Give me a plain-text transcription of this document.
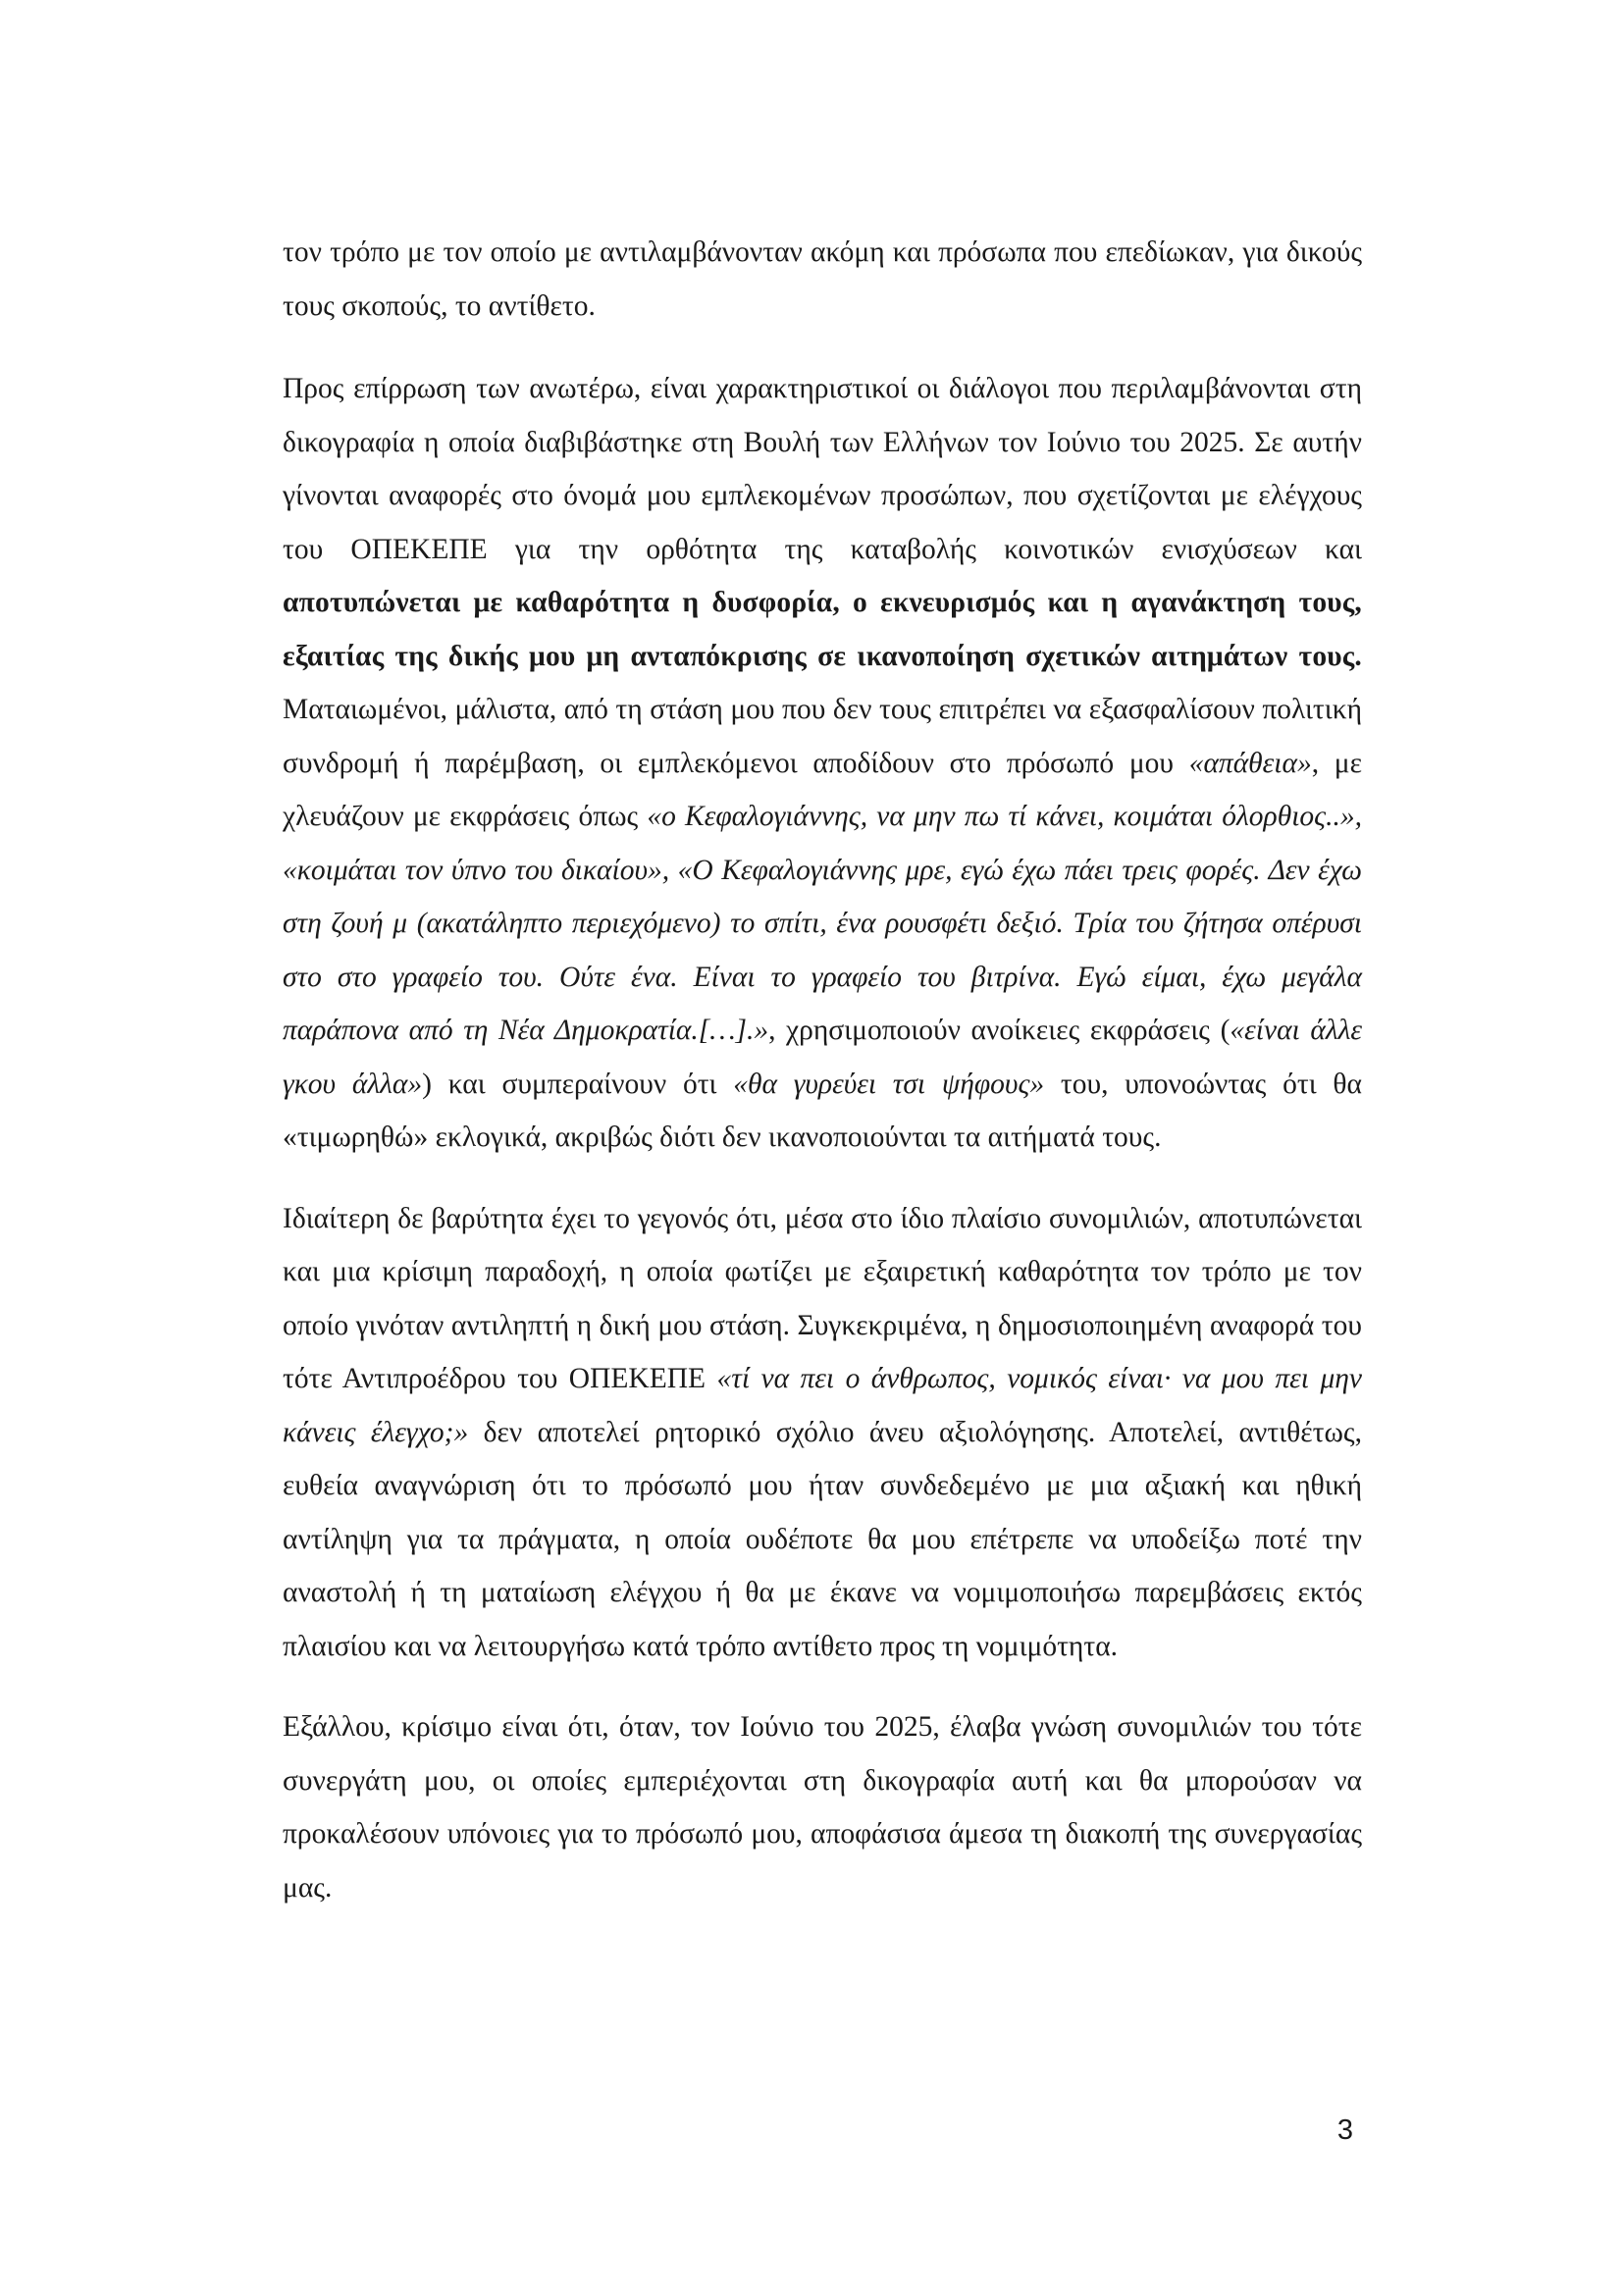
τον τρόπο με τον οποίο με αντιλαμβάνονταν ακόμη και πρόσωπα που επεδίωκαν, για δικούς τους σκοπούς, το αντίθετο.

Προς επίρρωση των ανωτέρω, είναι χαρακτηριστικοί οι διάλογοι που περιλαμβάνονται στη δικογραφία η οποία διαβιβάστηκε στη Βουλή των Ελλήνων τον Ιούνιο του 2025. Σε αυτήν γίνονται αναφορές στο όνομά μου εμπλεκομένων προσώπων, που σχετίζονται με ελέγχους του ΟΠΕΚΕΠΕ για την ορθότητα της καταβολής κοινοτικών ενισχύσεων και αποτυπώνεται με καθαρότητα η δυσφορία, ο εκνευρισμός και η αγανάκτηση τους, εξαιτίας της δικής μου μη ανταπόκρισης σε ικανοποίηση σχετικών αιτημάτων τους. Ματαιωμένοι, μάλιστα, από τη στάση μου που δεν τους επιτρέπει να εξασφαλίσουν πολιτική συνδρομή ή παρέμβαση, οι εμπλεκόμενοι αποδίδουν στο πρόσωπό μου «απάθεια», με χλευάζουν με εκφράσεις όπως «ο Κεφαλογιάννης, να μην πω τί κάνει, κοιμάται όλορθιος..», «κοιμάται τον ύπνο του δικαίου», «Ο Κεφαλογιάννης μρε, εγώ έχω πάει τρεις φορές. Δεν έχω στη ζουή μ (ακατάληπτο περιεχόμενο) το σπίτι, ένα ρουσφέτι δεξιό. Τρία του ζήτησα οπέρυσι στο στο γραφείο του. Ούτε ένα. Είναι το γραφείο του βιτρίνα. Εγώ είμαι, έχω μεγάλα παράπονα από τη Νέα Δημοκρατία.[…].», χρησιμοποιούν ανοίκειες εκφράσεις («είναι άλλε γκου άλλα») και συμπεραίνουν ότι «θα γυρεύει τσι ψήφους» του, υπονοώντας ότι θα «τιμωρηθώ» εκλογικά, ακριβώς διότι δεν ικανοποιούνται τα αιτήματά τους.

Ιδιαίτερη δε βαρύτητα έχει το γεγονός ότι, μέσα στο ίδιο πλαίσιο συνομιλιών, αποτυπώνεται και μια κρίσιμη παραδοχή, η οποία φωτίζει με εξαιρετική καθαρότητα τον τρόπο με τον οποίο γινόταν αντιληπτή η δική μου στάση. Συγκεκριμένα, η δημοσιοποιημένη αναφορά του τότε Αντιπροέδρου του ΟΠΕΚΕΠΕ «τί να πει ο άνθρωπος, νομικός είναι· να μου πει μην κάνεις έλεγχο;» δεν αποτελεί ρητορικό σχόλιο άνευ αξιολόγησης. Αποτελεί, αντιθέτως, ευθεία αναγνώριση ότι το πρόσωπό μου ήταν συνδεδεμένο με μια αξιακή και ηθική αντίληψη για τα πράγματα, η οποία ουδέποτε θα μου επέτρεπε να υποδείξω ποτέ την αναστολή ή τη ματαίωση ελέγχου ή θα με έκανε να νομιμοποιήσω παρεμβάσεις εκτός πλαισίου και να λειτουργήσω κατά τρόπο αντίθετο προς τη νομιμότητα.

Εξάλλου, κρίσιμο είναι ότι, όταν, τον Ιούνιο του 2025, έλαβα γνώση συνομιλιών του τότε συνεργάτη μου, οι οποίες εμπεριέχονται στη δικογραφία αυτή και θα μπορούσαν να προκαλέσουν υπόνοιες για το πρόσωπό μου, αποφάσισα άμεσα τη διακοπή της συνεργασίας μας.

3
